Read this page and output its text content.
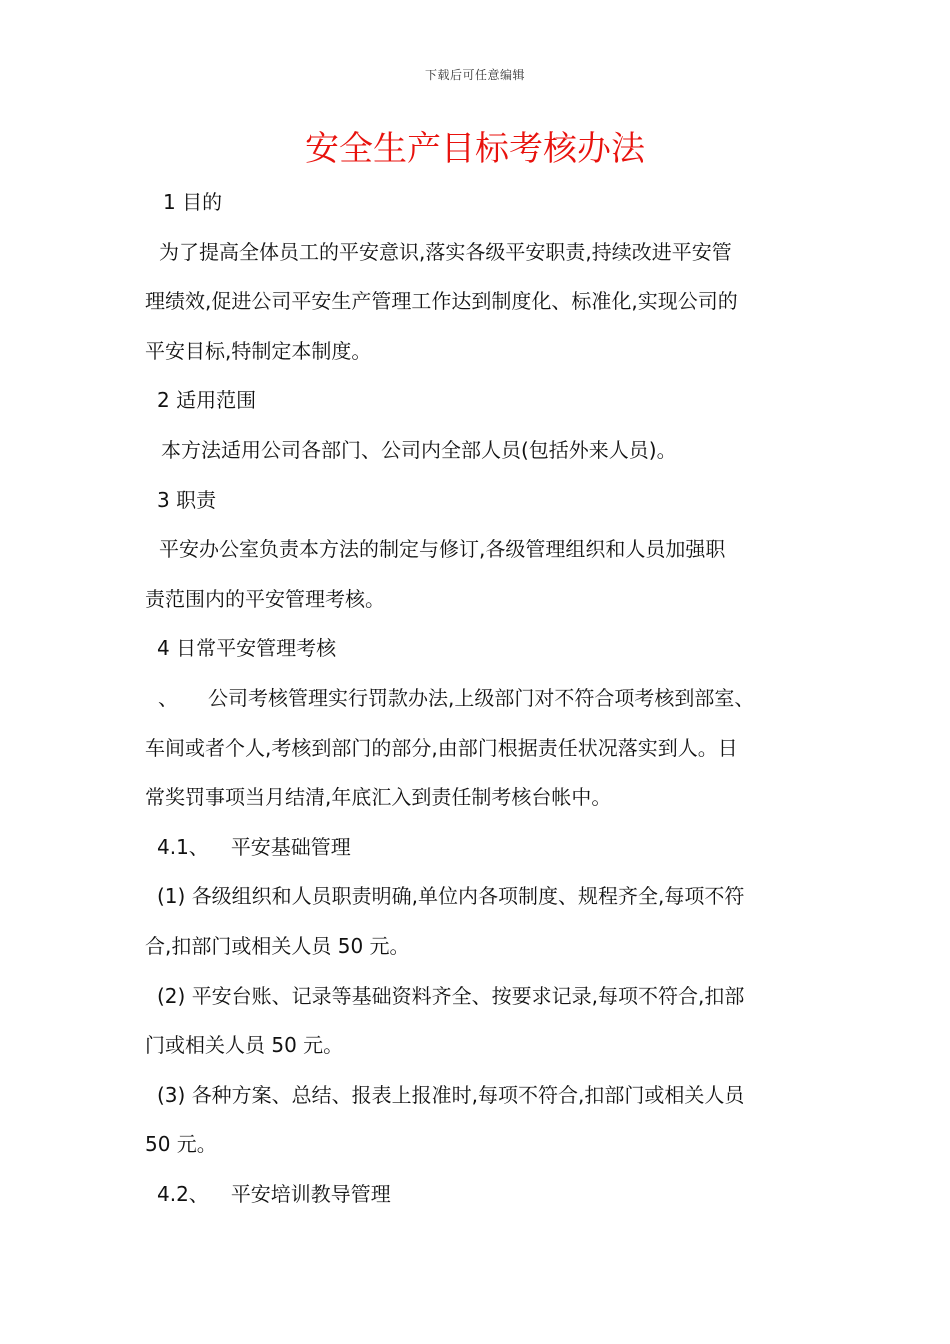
下载后可任意编辑
安全生产目标考核办法

1 目的

为了提高全体员工的平安意识,落实各级平安职责,持续改进平安管

理绩效,促进公司平安生产管理工作达到制度化、标准化,实现公司的

平安目标,特制定本制度。

2 适用范围

本方法适用公司各部门、公司内全部人员(包括外来人员)。

3 职责

平安办公室负责本方法的制定与修订,各级管理组织和人员加强职

责范围内的平安管理考核。

4 日常平安管理考核

、 公司考核管理实行罚款办法,上级部门对不符合项考核到部室、

车间或者个人,考核到部门的部分,由部门根据责任状况落实到人。日

常奖罚事项当月结清,年底汇入到责任制考核台帐中。

4.1、 平安基础管理

(1) 各级组织和人员职责明确,单位内各项制度、规程齐全,每项不符

合,扣部门或相关人员 50 元。

(2) 平安台账、记录等基础资料齐全、按要求记录,每项不符合,扣部

门或相关人员 50 元。

(3) 各种方案、总结、报表上报准时,每项不符合,扣部门或相关人员

50 元。

4.2、 平安培训教导管理
